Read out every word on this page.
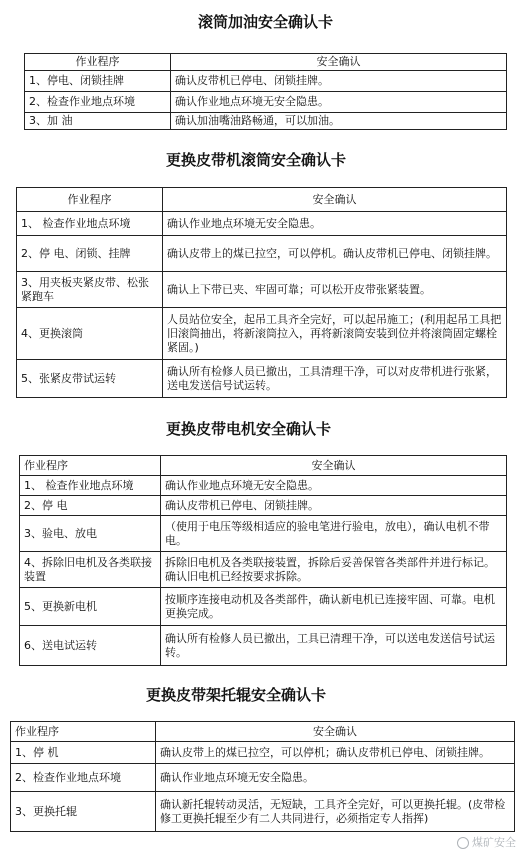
滚筒加油安全确认卡
作业程序	安全确认
1、停电、闭锁挂牌	确认皮带机已停电、闭锁挂牌。
2、检查作业地点环境	确认作业地点环境无安全隐患。
3、加 油	确认加油嘴油路畅通，可以加油。
更换皮带机滚筒安全确认卡
作业程序	安全确认
1、 检查作业地点环境	确认作业地点环境无安全隐患。
2、停 电、闭锁、挂牌	确认皮带上的煤已拉空，可以停机。确认皮带机已停电、闭锁挂牌。
3、用夹板夹紧皮带、松张紧跑车	确认上下带已夹、牢固可靠；可以松开皮带张紧装置。
4、更换滚筒	人员站位安全，起吊工具齐全完好，可以起吊施工；(利用起吊工具把旧滚筒抽出，将新滚筒拉入，再将新滚筒安装到位并将滚筒固定螺栓紧固。)
5、张紧皮带试运转	确认所有检修人员已撤出，工具清理干净，可以对皮带机进行张紧，送电发送信号试运转。
更换皮带电机安全确认卡
作业程序	安全确认
1、 检查作业地点环境	确认作业地点环境无安全隐患。
2、停 电	确认皮带机已停电、闭锁挂牌。
3、验电、放电	（使用于电压等级相适应的验电笔进行验电，放电），确认电机不带电。
4、拆除旧电机及各类联接装置	拆除旧电机及各类联接装置，拆除后妥善保管各类部件并进行标记。确认旧电机已经按要求拆除。
5、更换新电机	按顺序连接电动机及各类部件，确认新电机已连接牢固、可靠。电机更换完成。
6、送电试运转	确认所有检修人员已撤出，工具已清理干净，可以送电发送信号试运转。
更换皮带架托辊安全确认卡
作业程序	安全确认
1、停 机	确认皮带上的煤已拉空，可以停机；确认皮带机已停电、闭锁挂牌。
2、检查作业地点环境	确认作业地点环境无安全隐患。
3、更换托辊	确认新托辊转动灵活，无短缺，工具齐全完好，可以更换托辊。(皮带检修工更换托辊至少有二人共同进行，必须指定专人指挥)
煤矿安全
